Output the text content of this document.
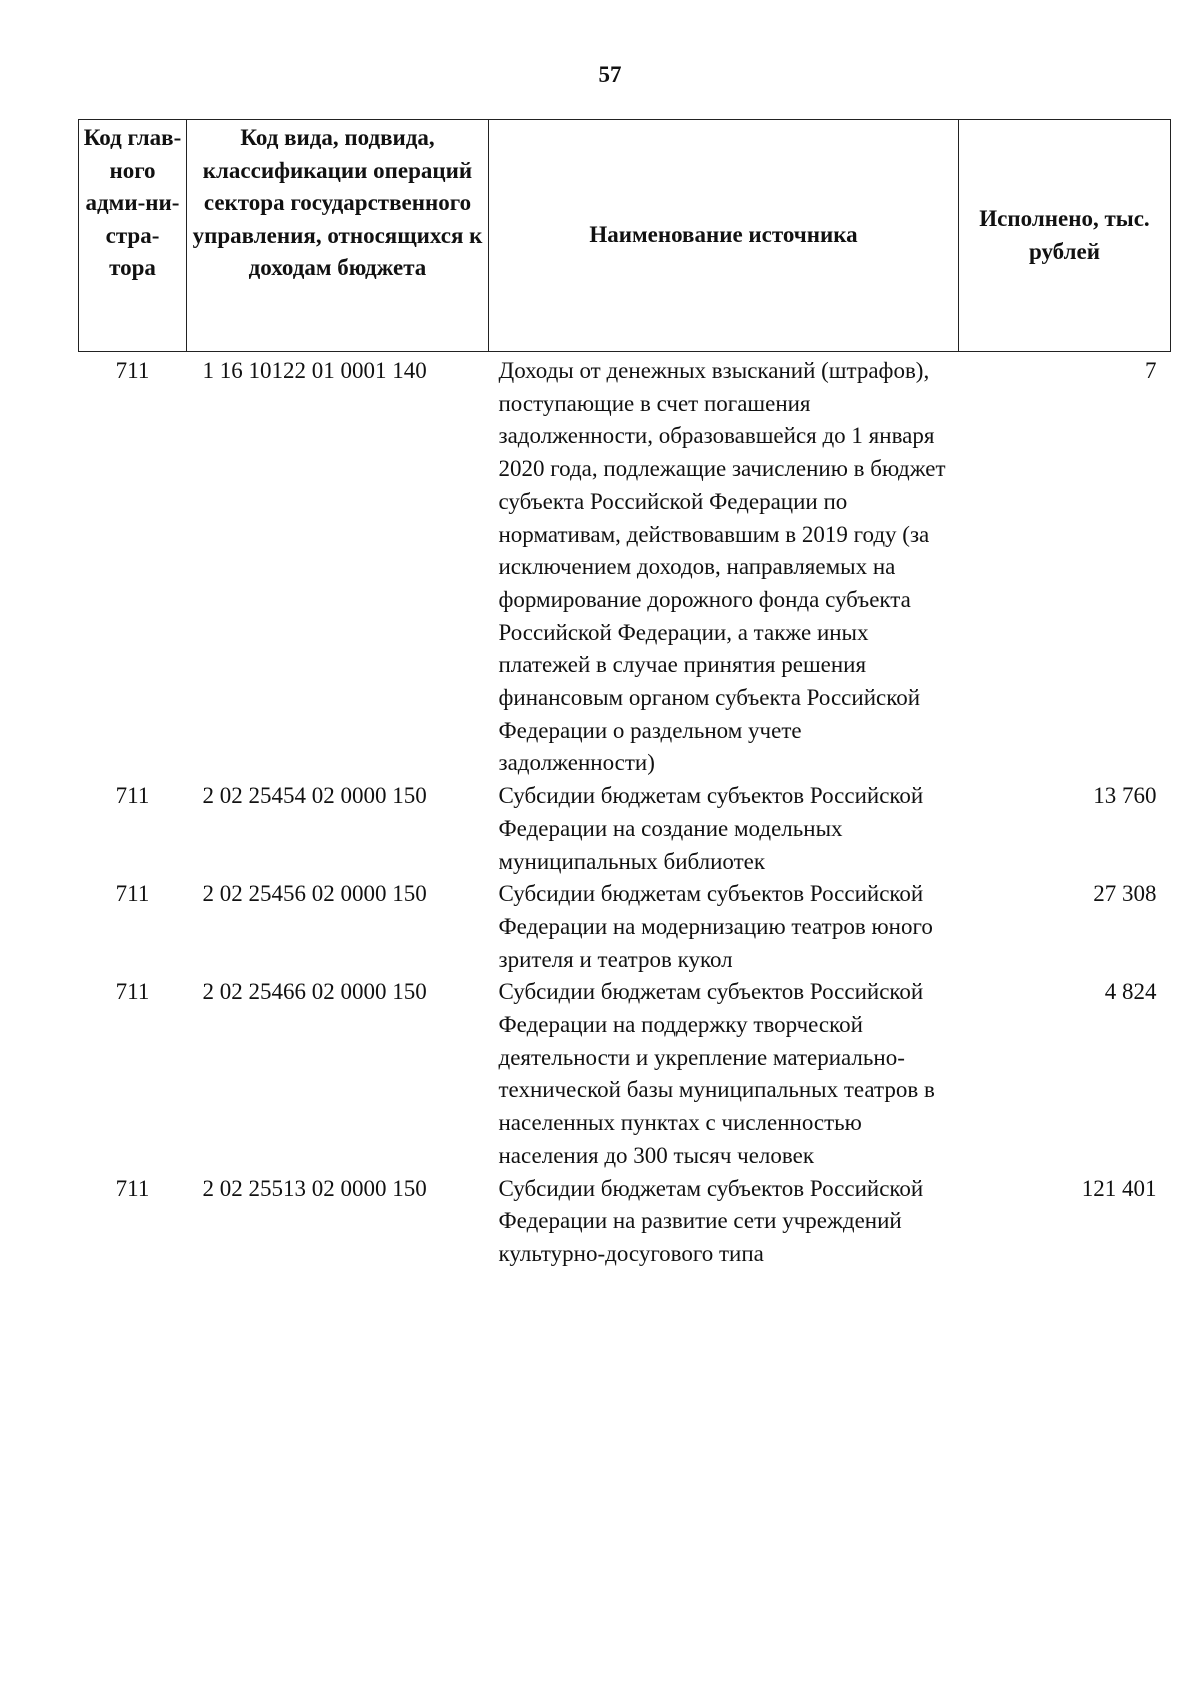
57
Код глав-ного адми-ни-стра-тора	Код вида, подвида, классификации операций сектора государственного управления, относящихся к доходам бюджета	Наименование источника	Исполнено, тыс. рублей
711	1 16 10122 01 0001 140	Доходы от денежных взысканий (штрафов), поступающие в счет погашения задолженности, образовавшейся до 1 января 2020 года, подлежащие зачислению в бюджет субъекта Российской Федерации по нормативам, действовавшим в 2019 году (за исключением доходов, направляемых на формирование дорожного фонда субъекта Российской Федерации, а также иных платежей в случае принятия решения финансовым органом субъекта Российской Федерации о раздельном учете задолженности)	7
711	2 02 25454 02 0000 150	Субсидии бюджетам субъектов Российской Федерации на создание модельных муниципальных библиотек	13 760
711	2 02 25456 02 0000 150	Субсидии бюджетам субъектов Российской Федерации на модернизацию театров юного зрителя и театров кукол	27 308
711	2 02 25466 02 0000 150	Субсидии бюджетам субъектов Российской Федерации на поддержку творческой деятельности и укрепление материально-технической базы муниципальных театров в населенных пунктах с численностью населения до 300 тысяч человек	4 824
711	2 02 25513 02 0000 150	Субсидии бюджетам субъектов Российской Федерации на развитие сети учреждений культурно-досугового типа	121 401
